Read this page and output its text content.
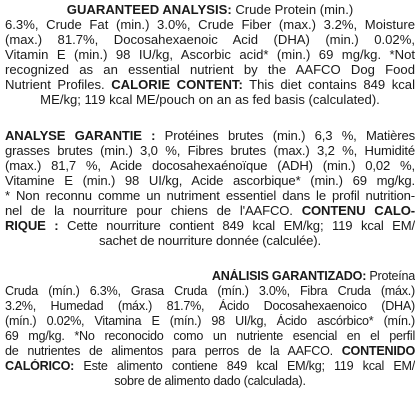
GUARANTEED ANALYSIS: Crude Protein (min.)
6.3%, Crude Fat (min.) 3.0%, Crude Fiber (max.) 3.2%, Moisture
(max.) 81.7%, Docosahexaenoic Acid (DHA) (min.) 0.02%,
Vitamin E (min.) 98 IU/kg, Ascorbic acid* (min.) 69 mg/kg. *Not
recognized as an essential nutrient by the AAFCO Dog Food
Nutrient Profiles. CALORIE CONTENT: This diet contains 849 kcal
ME/kg; 119 kcal ME/pouch on an as fed basis (calculated).
ANALYSE GARANTIE : Protéines brutes (min.) 6,3 %, Matières
grasses brutes (min.) 3,0 %, Fibres brutes (max.) 3,2 %, Humidité
(max.) 81,7 %, Acide docosahexaénoïque (ADH) (min.) 0,02 %,
Vitamine E (min.) 98 UI/kg, Acide ascorbique* (min.) 69 mg/kg.
* Non reconnu comme un nutriment essentiel dans le profil nutrition-
nel de la nourriture pour chiens de l'AAFCO. CONTENU CALO-
RIQUE : Cette nourriture contient 849 kcal EM/kg; 119 kcal EM/
sachet de nourriture donnée (calculée).
ANÁLISIS GARANTIZADO: Proteína
Cruda (mín.) 6.3%, Grasa Cruda (mín.) 3.0%, Fibra Cruda (máx.)
3.2%, Humedad (máx.) 81.7%, Ácido Docosahexaenoico (DHA)
(mín.) 0.02%, Vitamina E (mín.) 98 UI/kg, Ácido ascórbico* (mín.)
69 mg/kg. *No reconocido como un nutriente esencial en el perfil
de nutrientes de alimentos para perros de la AAFCO. CONTENIDO
CALÓRICO: Este alimento contiene 849 kcal EM/kg; 119 kcal EM/
sobre de alimento dado (calculada).
